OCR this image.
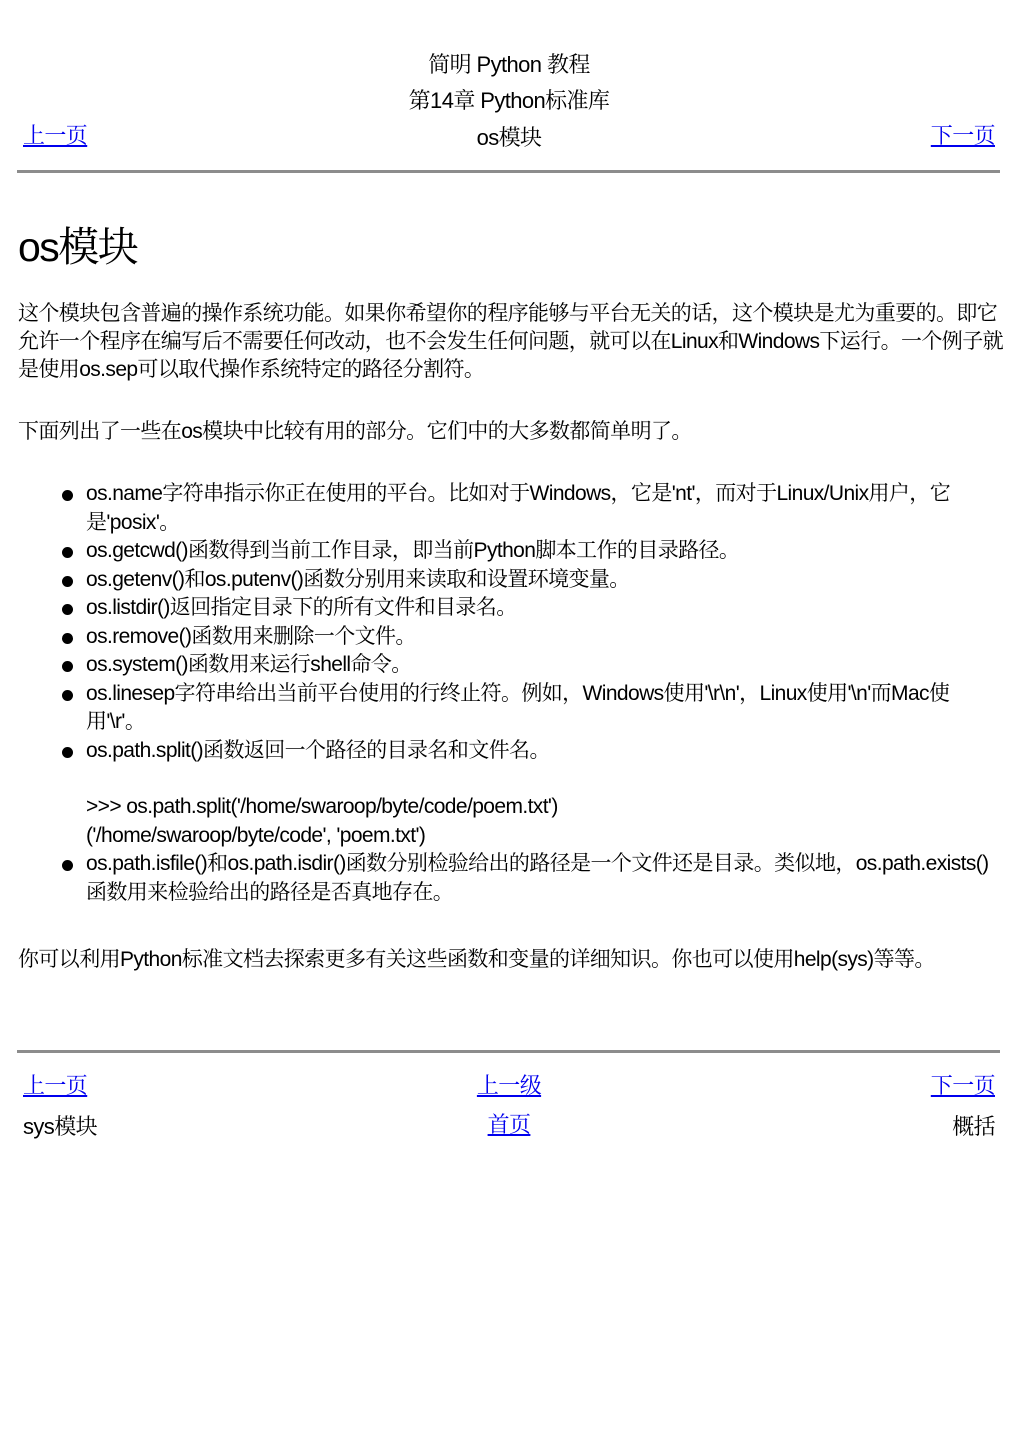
简明 Python 教程
第14章 Python标准库
os模块
上一页	下一页
os模块

这个模块包含普遍的操作系统功能。如果你希望你的程序能够与平台无关的话，这个模块是尤为重要的。即它允许一个程序在编写后不需要任何改动，也不会发生任何问题，就可以在Linux和Windows下运行。一个例子就是使用os.sep可以取代操作系统特定的路径分割符。

下面列出了一些在os模块中比较有用的部分。它们中的大多数都简单明了。

os.name字符串指示你正在使用的平台。比如对于Windows，它是'nt'，而对于Linux/Unix用户，它是'posix'。
os.getcwd()函数得到当前工作目录，即当前Python脚本工作的目录路径。
os.getenv()和os.putenv()函数分别用来读取和设置环境变量。
os.listdir()返回指定目录下的所有文件和目录名。
os.remove()函数用来删除一个文件。
os.system()函数用来运行shell命令。
os.linesep字符串给出当前平台使用的行终止符。例如，Windows使用'\r\n'，Linux使用'\n'而Mac使用'\r'。
os.path.split()函数返回一个路径的目录名和文件名。
>>> os.path.split('/home/swaroop/byte/code/poem.txt')
('/home/swaroop/byte/code', 'poem.txt')
os.path.isfile()和os.path.isdir()函数分别检验给出的路径是一个文件还是目录。类似地，os.path.exists()函数用来检验给出的路径是否真地存在。

你可以利用Python标准文档去探索更多有关这些函数和变量的详细知识。你也可以使用help(sys)等等。

上一页	上一级	下一页
sys模块	首页	概括
